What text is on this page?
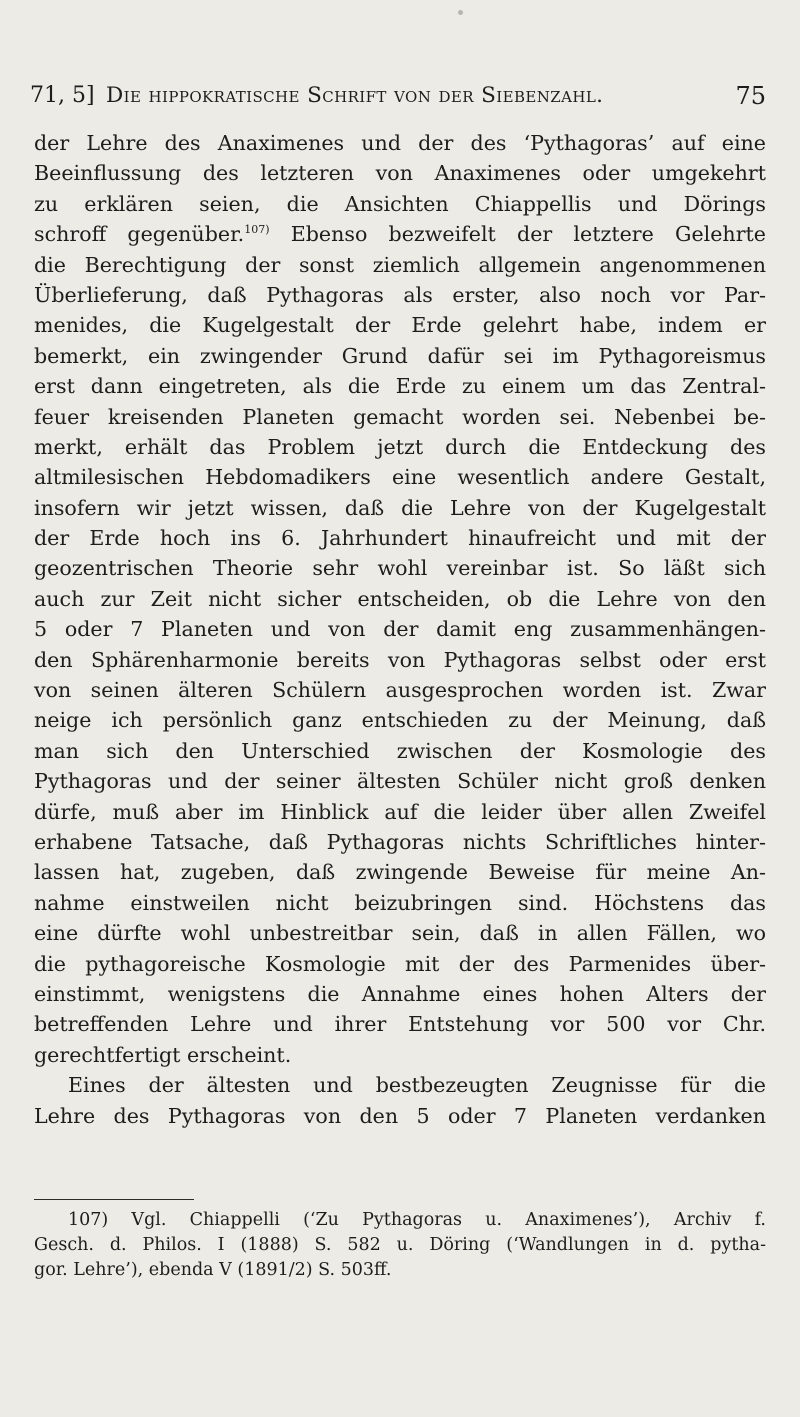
71, 5] Die hippokratische Schrift von der Siebenzahl.	75
der Lehre des Anaximenes und der des ‘Pythagoras’ auf eine
Beeinflussung des letzteren von Anaximenes oder umgekehrt
zu erklären seien, die Ansichten Chiappellis und Dörings
schroff gegenüber.$^{107)}$ Ebenso bezweifelt der letztere Gelehrte
die Berechtigung der sonst ziemlich allgemein angenommenen
Überlieferung, daß Pythagoras als erster, also noch vor Par-
menides, die Kugelgestalt der Erde gelehrt habe, indem er
bemerkt, ein zwingender Grund dafür sei im Pythagoreismus
erst dann eingetreten, als die Erde zu einem um das Zentral-
feuer kreisenden Planeten gemacht worden sei. Nebenbei be-
merkt, erhält das Problem jetzt durch die Entdeckung des
altmilesischen Hebdomadikers eine wesentlich andere Gestalt,
insofern wir jetzt wissen, daß die Lehre von der Kugelgestalt
der Erde hoch ins 6. Jahrhundert hinaufreicht und mit der
geozentrischen Theorie sehr wohl vereinbar ist. So läßt sich
auch zur Zeit nicht sicher entscheiden, ob die Lehre von den
5 oder 7 Planeten und von der damit eng zusammenhängen-
den Sphärenharmonie bereits von Pythagoras selbst oder erst
von seinen älteren Schülern ausgesprochen worden ist. Zwar
neige ich persönlich ganz entschieden zu der Meinung, daß
man sich den Unterschied zwischen der Kosmologie des
Pythagoras und der seiner ältesten Schüler nicht groß denken
dürfe, muß aber im Hinblick auf die leider über allen Zweifel
erhabene Tatsache, daß Pythagoras nichts Schriftliches hinter-
lassen hat, zugeben, daß zwingende Beweise für meine An-
nahme einstweilen nicht beizubringen sind. Höchstens das
eine dürfte wohl unbestreitbar sein, daß in allen Fällen, wo
die pythagoreische Kosmologie mit der des Parmenides über-
einstimmt, wenigstens die Annahme eines hohen Alters der
betreffenden Lehre und ihrer Entstehung vor 500 vor Chr.
gerechtfertigt erscheint.
Eines der ältesten und bestbezeugten Zeugnisse für die
Lehre des Pythagoras von den 5 oder 7 Planeten verdanken
107) Vgl. Chiappelli (‘Zu Pythagoras u. Anaximenes’), Archiv f.
Gesch. d. Philos. I (1888) S. 582 u. Döring (‘Wandlungen in d. pytha-
gor. Lehre’), ebenda V (1891/2) S. 503ff.
